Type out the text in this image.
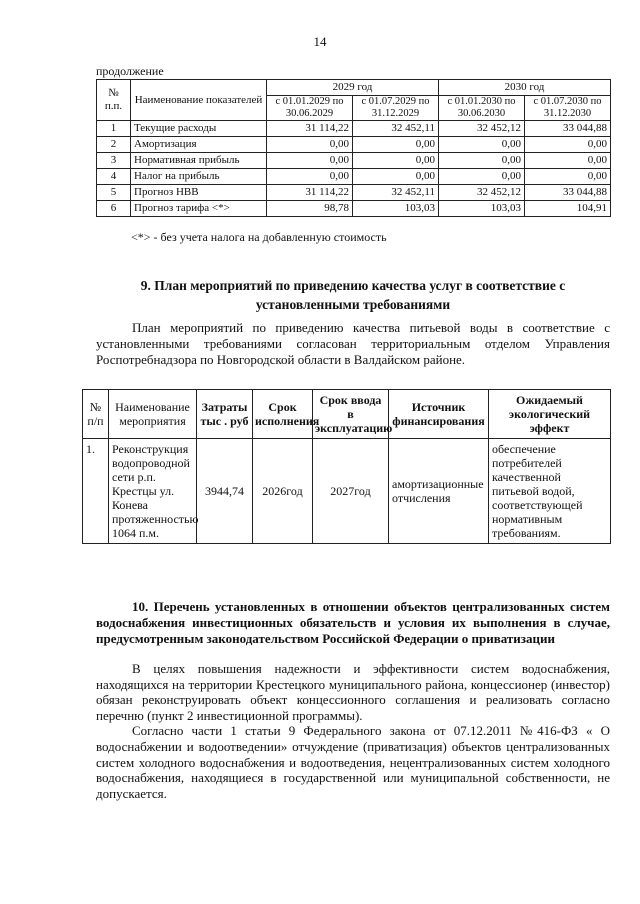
14
продолжение
№ п.п.	Наименование показателей	2029 год		2030 год	
		с 01.01.2029 по 30.06.2029	с 01.07.2029 по 31.12.2029	с 01.01.2030 по 30.06.2030	с 01.07.2030 по 31.12.2030
1	Текущие расходы	31 114,22	32 452,11	32 452,12	33 044,88
2	Амортизация	0,00	0,00	0,00	0,00
3	Нормативная прибыль	0,00	0,00	0,00	0,00
4	Налог на прибыль	0,00	0,00	0,00	0,00
5	Прогноз НВВ	31 114,22	32 452,11	32 452,12	33 044,88
6	Прогноз тарифа <*>	98,78	103,03	103,03	104,91
<*> - без учета налога на добавленную стоимость
9. План мероприятий по приведению качества услуг в соответствие с установленными требованиями
План мероприятий по приведению качества питьевой воды в соответствие с установленными требованиями согласован территориальным отделом Управления Роспотребнадзора по Новгородской области в Валдайском районе.
№ п/п	Наименование мероприятия	Затраты тыс . руб	Срок исполнения	Срок ввода в эксплуатацию	Источник финансирования	Ожидаемый экологический эффект
1.	Реконструкция водопроводной сети р.п. Крестцы ул. Конева протяженностью 1064 п.м.	3944,74	2026год	2027год	амортизационные отчисления	обеспечение потребителей качественной питьевой водой, соответствующей нормативным требованиям.
10. Перечень установленных в отношении объектов централизованных систем водоснабжения инвестиционных обязательств и условия их выполнения в случае, предусмотренным законодательством Российской Федерации о приватизации
В целях повышения надежности и эффективности систем водоснабжения, находящихся на территории Крестецкого муниципального района, концессионер (инвестор) обязан реконструировать объект концессионного соглашения и реализовать согласно перечню (пункт 2 инвестиционной программы).
Согласно части 1 статьи 9 Федерального закона от 07.12.2011 №416-ФЗ « О водоснабжении и водоотведении» отчуждение (приватизация) объектов централизованных систем холодного водоснабжения и водоотведения, нецентрализованных систем холодного водоснабжения, находящиеся в государственной или муниципальной собственности, не допускается.
